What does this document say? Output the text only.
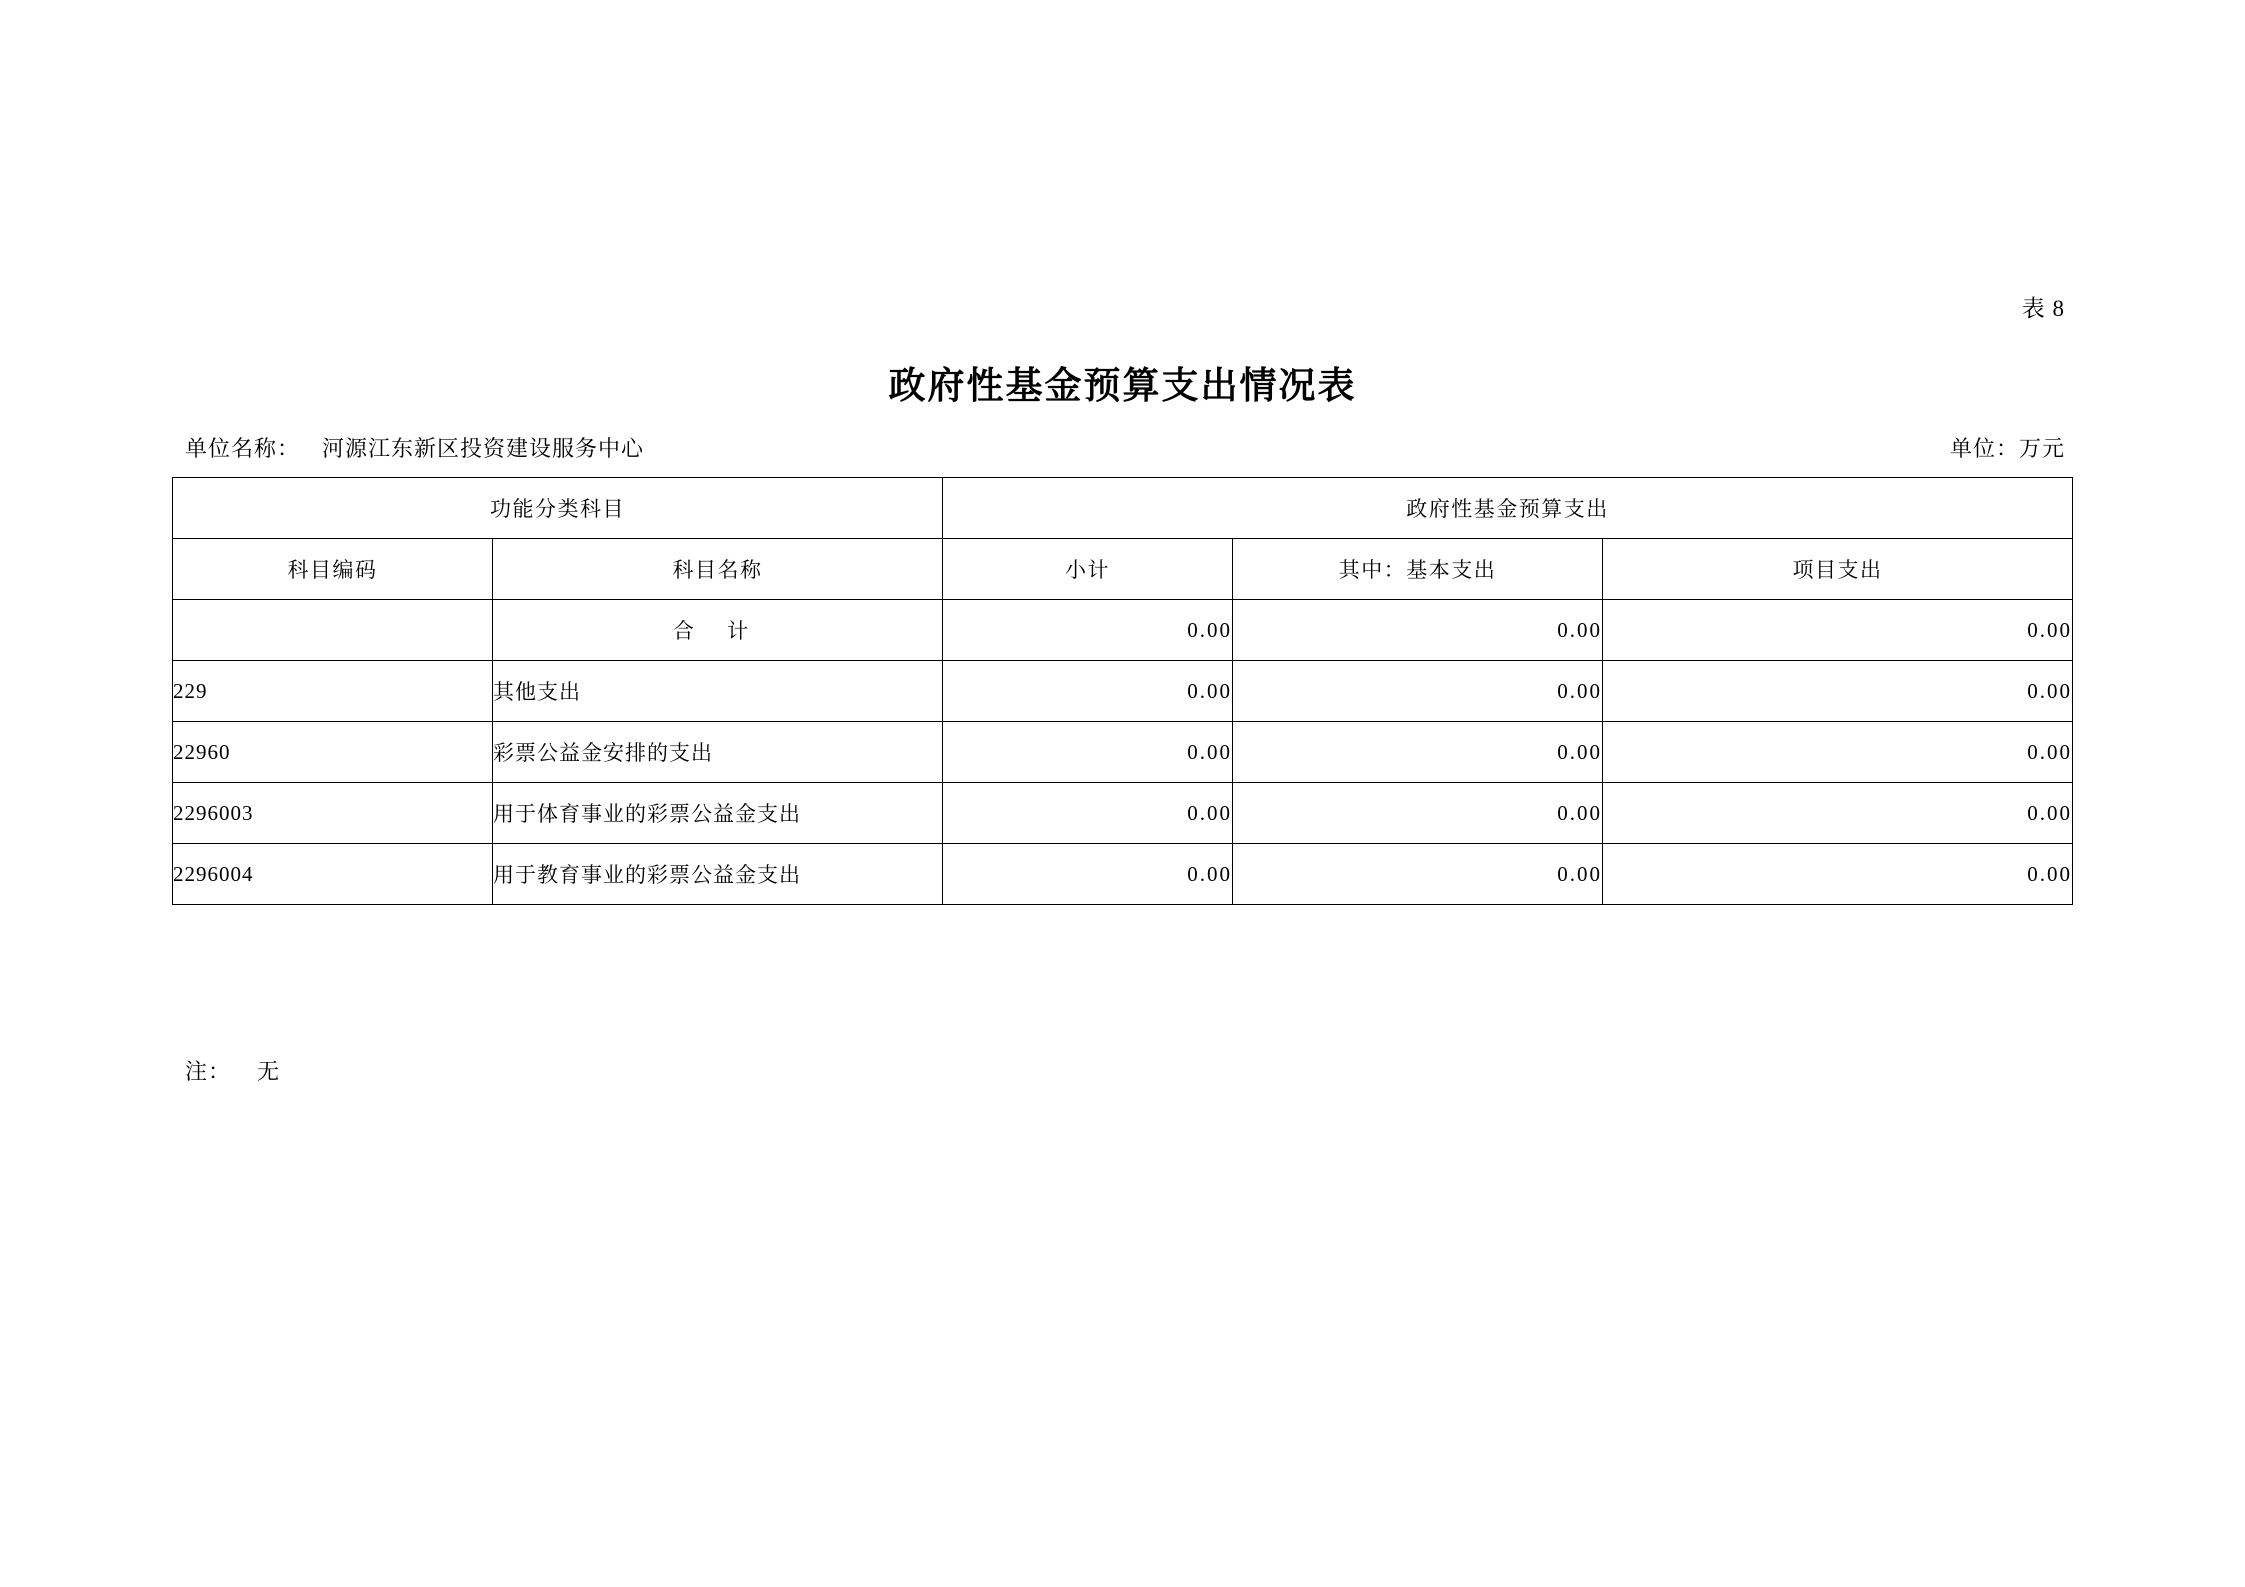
表 8
政府性基金预算支出情况表
单位名称： 河源江东新区投资建设服务中心	单位：万元
功能分类科目		政府性基金预算支出		
科目编码	科目名称	小计	其中：基本支出	项目支出
	合 计	0.00	0.00	0.00
229	其他支出	0.00	0.00	0.00
22960	彩票公益金安排的支出	0.00	0.00	0.00
2296003	用于体育事业的彩票公益金支出	0.00	0.00	0.00
2296004	用于教育事业的彩票公益金支出	0.00	0.00	0.00
注： 无
